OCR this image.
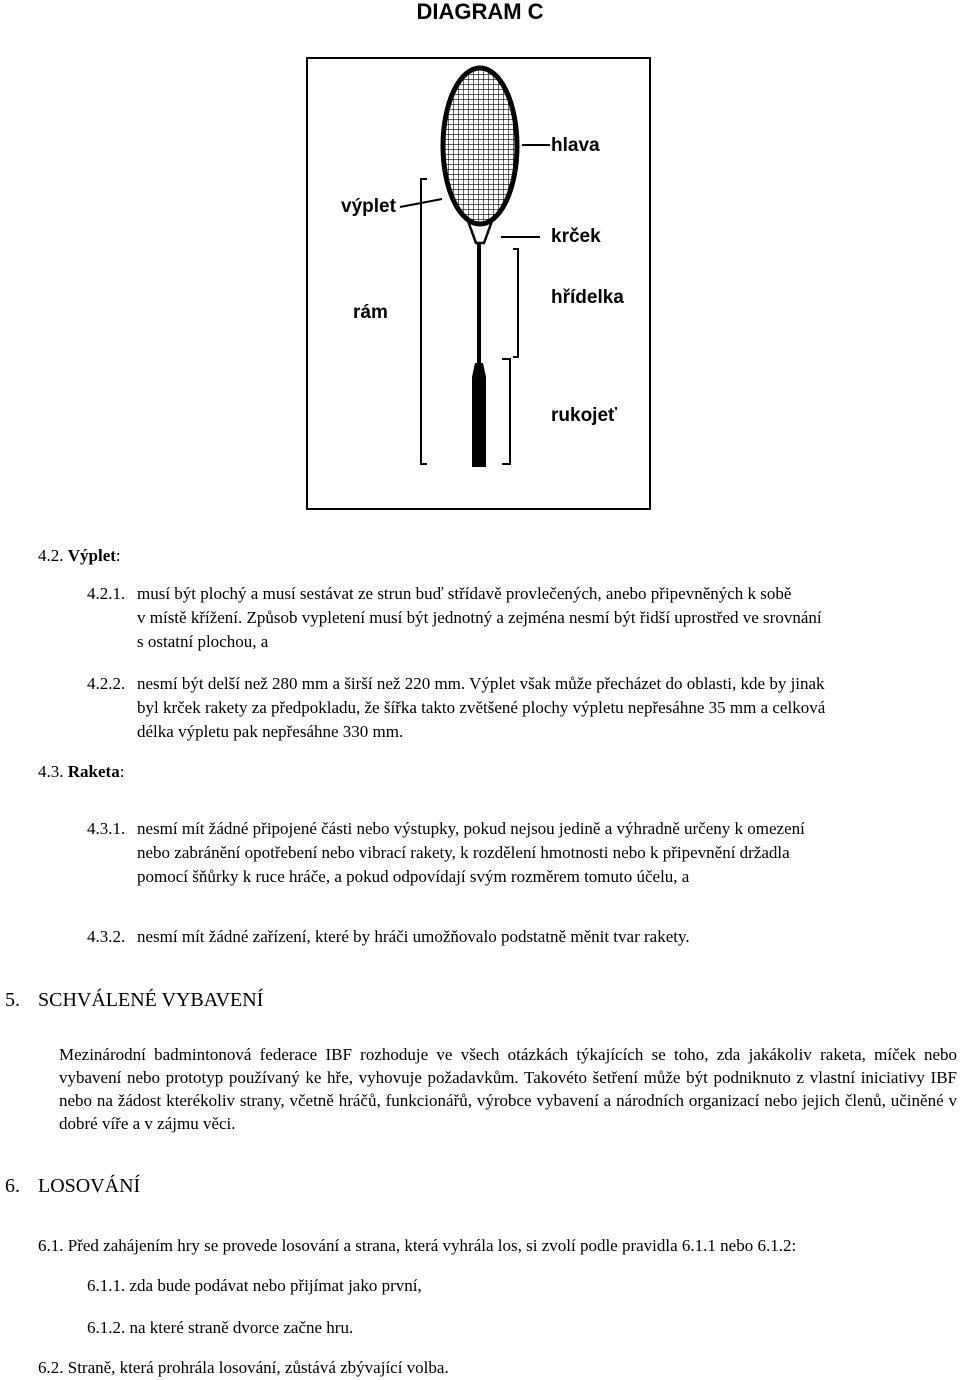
DIAGRAM C
hlava
výplet
krček
hřídelka
rám
rukojeť
4.2. Výplet:
4.2.1. musí být plochý a musí sestávat ze strun buď střídavě provlečených, anebo připevněných k sobě
v místě křížení. Způsob vypletení musí být jednotný a zejména nesmí být řidší uprostřed ve srovnání
s ostatní plochou, a
4.2.2. nesmí být delší než 280 mm a širší než 220 mm. Výplet však může přecházet do oblasti, kde by jinak
byl krček rakety za předpokladu, že šířka takto zvětšené plochy výpletu nepřesáhne 35 mm a celková
délka výpletu pak nepřesáhne 330 mm.
4.3. Raketa:
4.3.1. nesmí mít žádné připojené části nebo výstupky, pokud nejsou jedině a výhradně určeny k omezení
nebo zabránění opotřebení nebo vibrací rakety, k rozdělení hmotnosti nebo k připevnění držadla
pomocí šňůrky k ruce hráče, a pokud odpovídají svým rozměrem tomuto účelu, a
4.3.2. nesmí mít žádné zařízení, které by hráči umožňovalo podstatně měnit tvar rakety.
5. SCHVÁLENÉ VYBAVENÍ
Mezinárodní badmintonová federace IBF rozhoduje ve všech otázkách týkajících se toho, zda jakákoliv raketa, míček nebo vybavení nebo prototyp používaný ke hře, vyhovuje požadavkům. Takovéto šetření může být podniknuto z vlastní iniciativy IBF nebo na žádost kterékoliv strany, včetně hráčů, funkcionářů, výrobce vybavení a národních organizací nebo jejich členů, učiněné v dobré víře a v zájmu věci.
6. LOSOVÁNÍ
6.1. Před zahájením hry se provede losování a strana, která vyhrála los, si zvolí podle pravidla 6.1.1 nebo 6.1.2:
6.1.1. zda bude podávat nebo přijímat jako první,
6.1.2. na které straně dvorce začne hru.
6.2. Straně, která prohrála losování, zůstává zbývající volba.
